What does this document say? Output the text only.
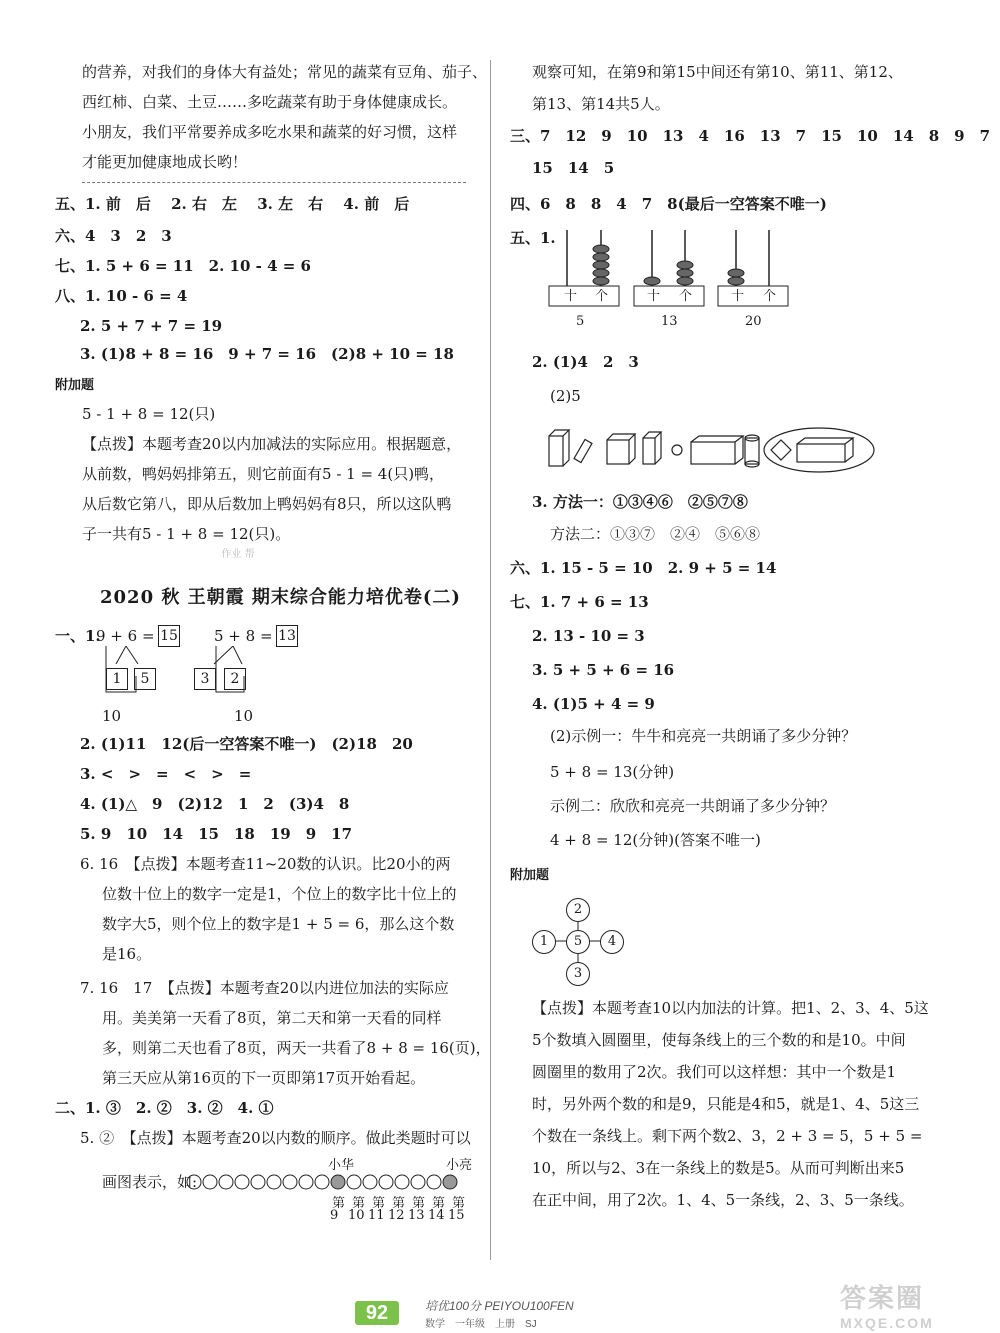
的营养，对我们的身体大有益处；常见的蔬菜有豆角、茄子、
西红柿、白菜、土豆……多吃蔬菜有助于身体健康成长。
小朋友，我们平常要养成多吃水果和蔬菜的好习惯，这样
才能更加健康地成长哟！
五、1. 前　后　 2. 右　左　 3. 左　右　 4. 前　后
六、4　3　2　3
七、1. 5 + 6 = 11　2. 10 - 4 = 6
八、1. 10 - 6 = 4
2. 5 + 7 + 7 = 19
3. (1)8 + 8 = 16　9 + 7 = 16　(2)8 + 10 = 18
附加题
5 - 1 + 8 = 12(只)
【点拨】本题考查20以内加减法的实际应用。根据题意，
从前数，鸭妈妈排第五，则它前面有5 - 1 = 4(只)鸭，
从后数它第八，即从后数加上鸭妈妈有8只，所以这队鸭
子一共有5 - 1 + 8 = 12(只)。
作业 帮
2020 秋 王朝霞 期末综合能力培优卷(二)
一、1.
9 + 6 = 15 5 + 8 = 13
1	5	3	2
10	10
2. (1)11　12(后一空答案不唯一)　(2)18　20
3. <　>　=　<　>　=
4. (1)△　9　(2)12　1　2　(3)4　8
5. 9　10　14　15　18　19　9　17
6. 16　【点拨】本题考查11~20数的认识。比20小的两
位数十位上的数字一定是1，个位上的数字比十位上的
数字大5，则个位上的数字是1 + 5 = 6，那么这个数
是16。
7. 16　17　【点拨】本题考查20以内进位加法的实际应
用。美美第一天看了8页，第二天和第一天看的同样
多，则第二天也看了8页，两天一共看了8 + 8 = 16(页)，
第三天应从第16页的下一页即第17页开始看起。
二、1. ③　2. ②　3. ②　4. ①
5. ②　【点拨】本题考查20以内数的顺序。做此类题时可以
画图表示，如:
小华	小亮
第 第 第 第 第 第 第
9 10 11 12 13 14 15
观察可知，在第9和第15中间还有第10、第11、第12、
第13、第14共5人。
三、7　12　9　10　13　4　16　13　7　15　10　14　8　9　7
15　14　5
四、6　8　8　4　7　8(最后一空答案不唯一)
五、1.
十 个	十 个	十 个
5	13	20
2. (1)4　2　3
(2)5
3. 方法一：①③④⑥　②⑤⑦⑧
方法二：①③⑦　②④　⑤⑥⑧
六、1. 15 - 5 = 10　2. 9 + 5 = 14
七、1. 7 + 6 = 13
2. 13 - 10 = 3
3. 5 + 5 + 6 = 16
4. (1)5 + 4 = 9
(2)示例一：牛牛和亮亮一共朗诵了多少分钟？
5 + 8 = 13(分钟)
示例二：欣欣和亮亮一共朗诵了多少分钟？
4 + 8 = 12(分钟)(答案不唯一)
附加题
2
1	5	4
3
【点拨】本题考查10以内加法的计算。把1、2、3、4、5这
5个数填入圆圈里，使每条线上的三个数的和是10。中间
圆圈里的数用了2次。我们可以这样想：其中一个数是1
时，另外两个数的和是9，只能是4和5，就是1、4、5这三
个数在一条线上。剩下两个数2、3，2 + 3 = 5，5 + 5 =
10，所以与2、3在一条线上的数是5。从而可判断出来5
在正中间，用了2次。1、4、5一条线，2、3、5一条线。
92	培优100分 PEIYOU100FEN
数学　一年级　上册　SJ
答案圈
MXQE.COM
